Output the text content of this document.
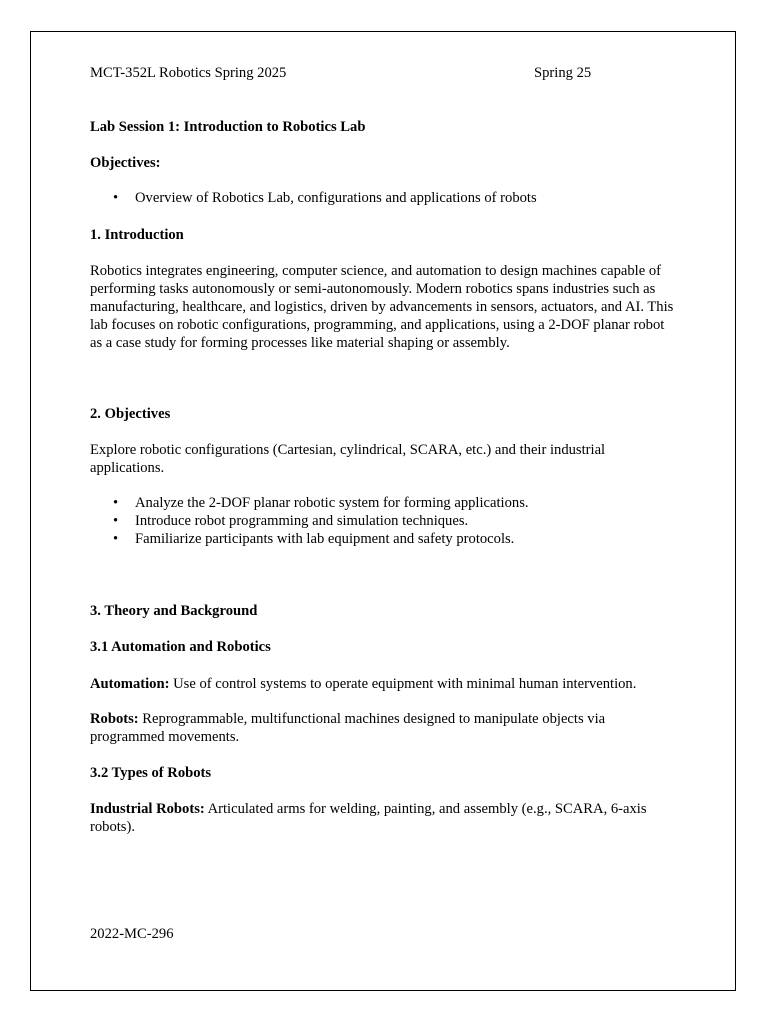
MCT-352L Robotics Spring 2025	Spring 25

Lab Session 1: Introduction to Robotics Lab

Objectives:

• Overview of Robotics Lab, configurations and applications of robots

1. Introduction

Robotics integrates engineering, computer science, and automation to design machines capable of performing tasks autonomously or semi-autonomously. Modern robotics spans industries such as manufacturing, healthcare, and logistics, driven by advancements in sensors, actuators, and AI. This lab focuses on robotic configurations, programming, and applications, using a 2-DOF planar robot as a case study for forming processes like material shaping or assembly.

2. Objectives

Explore robotic configurations (Cartesian, cylindrical, SCARA, etc.) and their industrial applications.

• Analyze the 2-DOF planar robotic system for forming applications.
• Introduce robot programming and simulation techniques.
• Familiarize participants with lab equipment and safety protocols.

3. Theory and Background

3.1 Automation and Robotics

Automation: Use of control systems to operate equipment with minimal human intervention.

Robots: Reprogrammable, multifunctional machines designed to manipulate objects via programmed movements.

3.2 Types of Robots

Industrial Robots: Articulated arms for welding, painting, and assembly (e.g., SCARA, 6-axis robots).

2022-MC-296
